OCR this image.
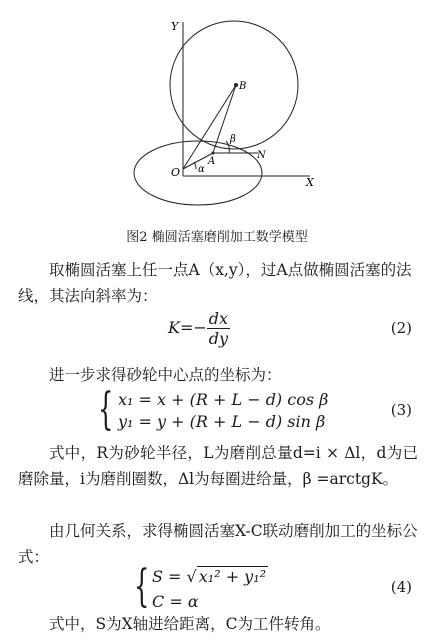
Y
X
O
B
A
N
α
β
图2 椭圆活塞磨削加工数学模型
取椭圆活塞上任一点A（x,y），过A点做椭圆活塞的法线，其法向斜率为：
$K=- \frac{dx}{dy}$	(2)
进一步求得砂轮中心点的坐标为：
{ x₁ = x + (R + L − d) cos β
y₁ = y + (R + L − d) sin β
(3)
式中，R为砂轮半径，L为磨削总量d=i × Δl，d为已磨除量，i为磨削圈数，Δl为每圈进给量，β =arctgK。
由几何关系，求得椭圆活塞X-C联动磨削加工的坐标公式：
{ S = √ x₁² + y₁²
C = α
(4)
式中，S为X轴进给距离，C为工件转角。
